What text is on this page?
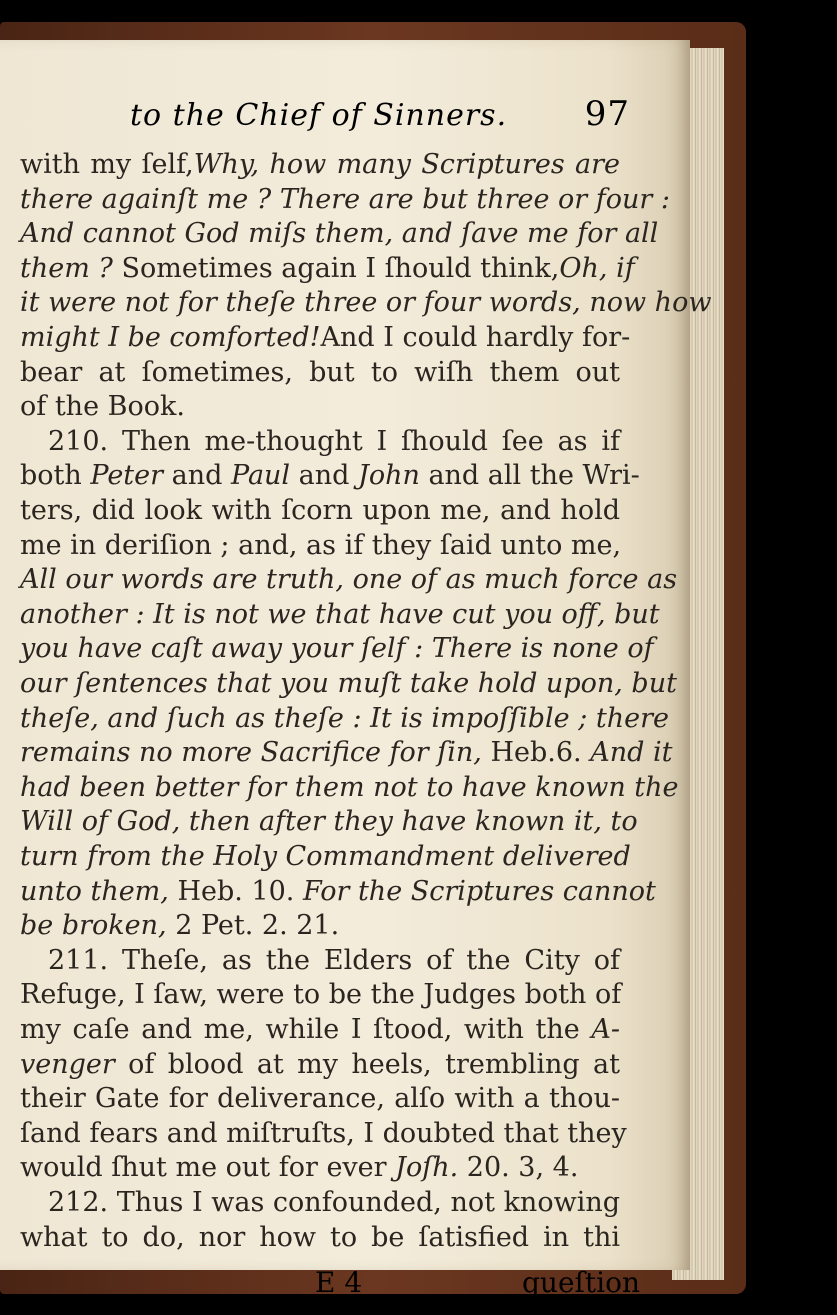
to the Chief of Sinners. 97
with my ſelf,Why, how many Scriptures are
there againſt me ? There are but three or four :
And cannot God miſs them, and ſave me for all
them ? Sometimes again I ſhould think,Oh, if
it were not for theſe three or four words, now how
might I be comforted!And I could hardly for-
bear at ſometimes, but to wiſh them out
of the Book.
210. Then me-thought I ſhould ſee as if
both Peter and Paul and John and all the Wri-
ters, did look with ſcorn upon me, and hold
me in deriſion ; and, as if they ſaid unto me,
All our words are truth, one of as much force as
another : It is not we that have cut you off, but
you have caſt away your ſelf : There is none of
our ſentences that you muſt take hold upon, but
theſe, and ſuch as theſe : It is impoſſible ; there
remains no more Sacrifice for ſin, Heb.6. And it
had been better for them not to have known the
Will of God, then after they have known it, to
turn from the Holy Commandment delivered
unto them, Heb. 10. For the Scriptures cannot
be broken, 2 Pet. 2. 21.
211. Theſe, as the Elders of the City of
Refuge, I ſaw, were to be the Judges both of
my caſe and me, while I ſtood, with the A-
venger of blood at my heels, trembling at
their Gate for deliverance, alſo with a thou-
ſand fears and miſtruſts, I doubted that they
would ſhut me out for ever Joſh. 20. 3, 4.
212. Thus I was confounded, not knowing
what to do, nor how to be ſatisfied in thi
E 4	queſtion
